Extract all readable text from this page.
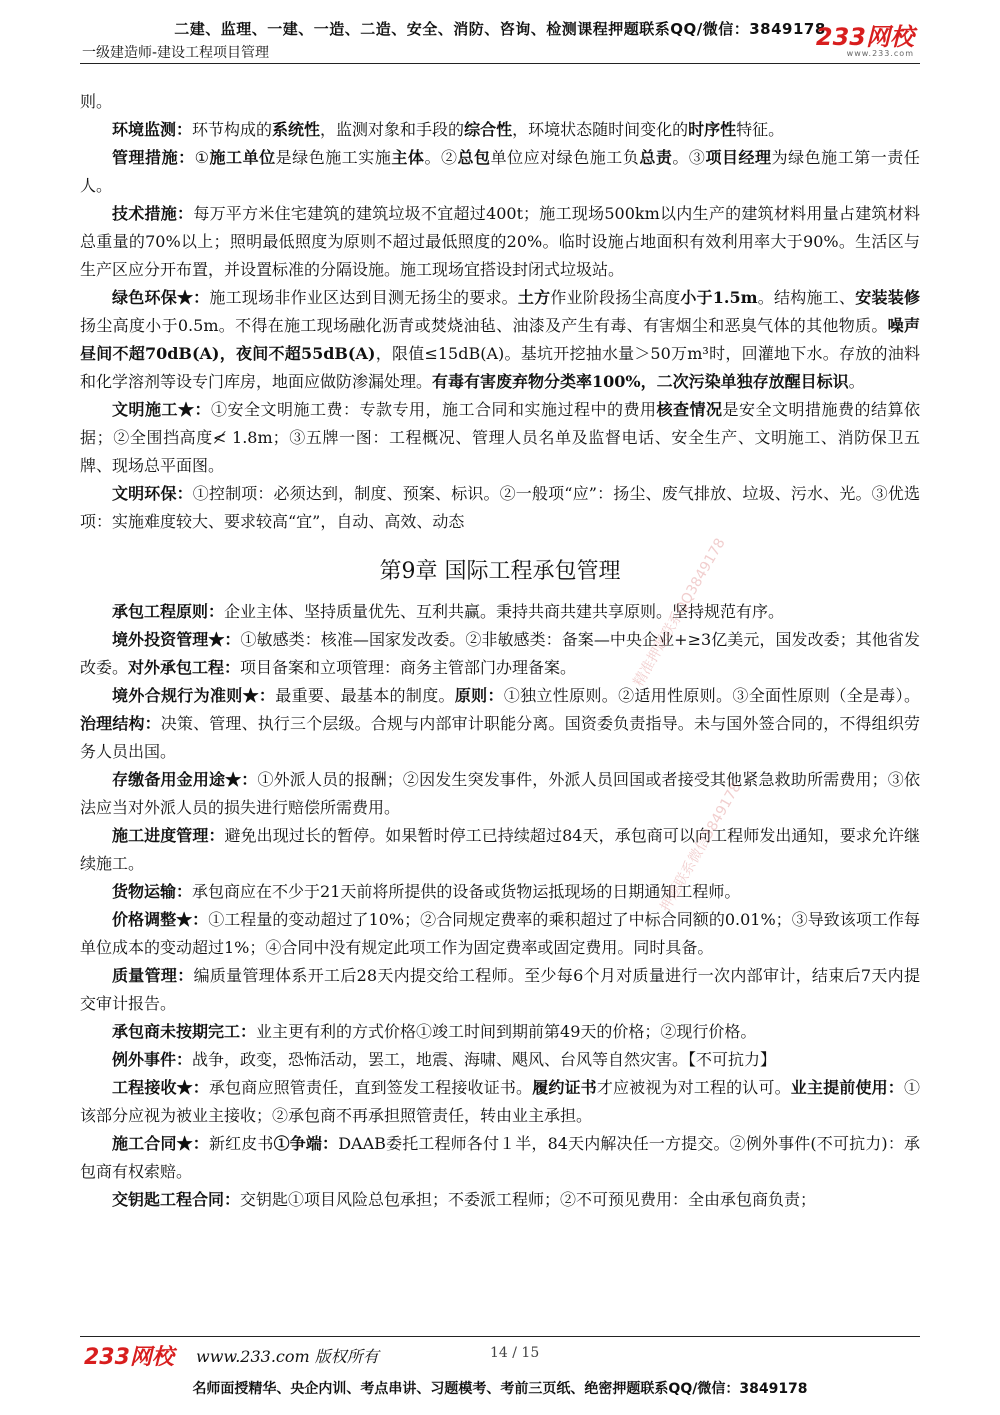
二建、监理、一建、一造、二造、安全、消防、咨询、检测课程押题联系QQ/微信：3849178
一级建造师-建设工程项目管理
233网校
www.233.com

则。

环境监测：环节构成的系统性，监测对象和手段的综合性，环境状态随时间变化的时序性特征。

管理措施：①施工单位是绿色施工实施主体。②总包单位应对绿色施工负总责。③项目经理为绿色施工第一责任人。

技术措施：每万平方米住宅建筑的建筑垃圾不宜超过400t；施工现场500km以内生产的建筑材料用量占建筑材料总重量的70%以上；照明最低照度为原则不超过最低照度的20%。临时设施占地面积有效利用率大于90%。生活区与生产区应分开布置，并设置标准的分隔设施。施工现场宜搭设封闭式垃圾站。

绿色环保★：施工现场非作业区达到目测无扬尘的要求。土方作业阶段扬尘高度小于1.5m。结构施工、安装装修扬尘高度小于0.5m。不得在施工现场融化沥青或焚烧油毡、油漆及产生有毒、有害烟尘和恶臭气体的其他物质。噪声昼间不超70dB(A)，夜间不超55dB(A)，限值≤15dB(A)。基坑开挖抽水量＞50万m³时，回灌地下水。存放的油料和化学溶剂等设专门库房，地面应做防渗漏处理。有毒有害废弃物分类率100%，二次污染单独存放醒目标识。

文明施工★：①安全文明施工费：专款专用，施工合同和实施过程中的费用核查情况是安全文明措施费的结算依据；②全围挡高度≮ 1.8m；③五牌一图：工程概况、管理人员名单及监督电话、安全生产、文明施工、消防保卫五牌、现场总平面图。

文明环保：①控制项：必须达到，制度、预案、标识。②一般项“应”：扬尘、废气排放、垃圾、污水、光。③优选项：实施难度较大、要求较高“宜”，自动、高效、动态

第9章 国际工程承包管理

承包工程原则：企业主体、坚持质量优先、互利共赢。秉持共商共建共享原则。坚持规范有序。

境外投资管理★：①敏感类：核准—国家发改委。②非敏感类：备案—中央企业+≥3亿美元，国发改委；其他省发改委。对外承包工程：项目备案和立项管理：商务主管部门办理备案。

境外合规行为准则★：最重要、最基本的制度。原则：①独立性原则。②适用性原则。③全面性原则（全是毒）。治理结构：决策、管理、执行三个层级。合规与内部审计职能分离。国资委负责指导。未与国外签合同的，不得组织劳务人员出国。

存缴备用金用途★：①外派人员的报酬；②因发生突发事件，外派人员回国或者接受其他紧急救助所需费用；③依法应当对外派人员的损失进行赔偿所需费用。

施工进度管理：避免出现过长的暂停。如果暂时停工已持续超过84天，承包商可以向工程师发出通知，要求允许继续施工。

货物运输：承包商应在不少于21天前将所提供的设备或货物运抵现场的日期通知工程师。

价格调整★：①工程量的变动超过了10%；②合同规定费率的乘积超过了中标合同额的0.01%；③导致该项工作每单位成本的变动超过1%；④合同中没有规定此项工作为固定费率或固定费用。同时具备。

质量管理：编质量管理体系开工后28天内提交给工程师。至少每6个月对质量进行一次内部审计，结束后7天内提交审计报告。

承包商未按期完工：业主更有利的方式价格①竣工时间到期前第49天的价格；②现行价格。

例外事件：战争，政变，恐怖活动，罢工，地震、海啸、飓风、台风等自然灾害。【不可抗力】

工程接收★：承包商应照管责任，直到签发工程接收证书。履约证书才应被视为对工程的认可。业主提前使用：①该部分应视为被业主接收；②承包商不再承担照管责任，转由业主承担。

施工合同★：新红皮书①争端：DAAB委托工程师各付１半，84天内解决任一方提交。②例外事件(不可抗力)：承包商有权索赔。

交钥匙工程合同：交钥匙①项目风险总包承担；不委派工程师；②不可预见费用：全由承包商负责；

精准押题联系QQ3849178
押题联系微信3849178
233网校 www.233.com 版权所有	14 / 15
名师面授精华、央企内训、考点串讲、习题模考、考前三页纸、绝密押题联系QQ/微信：3849178
